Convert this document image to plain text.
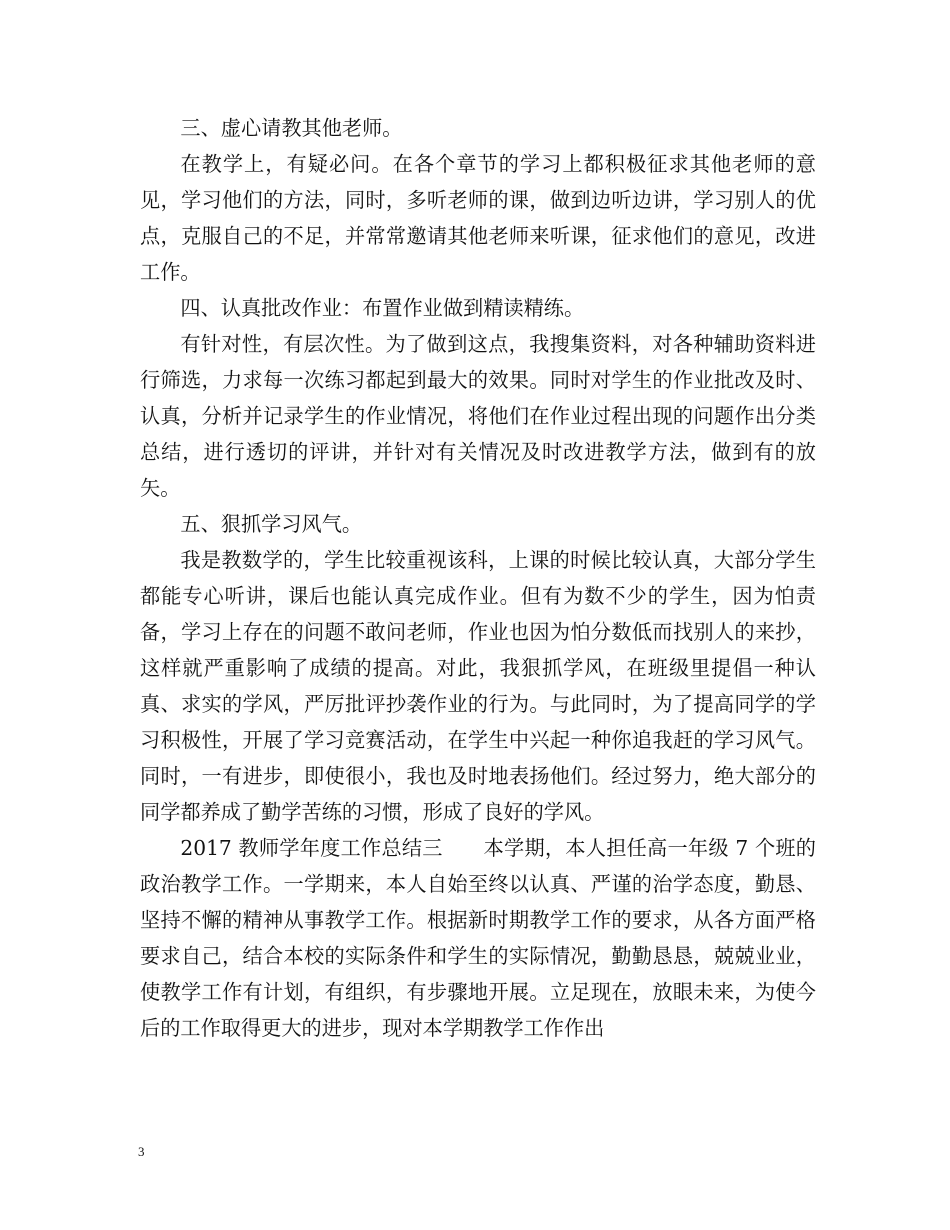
三、虚心请教其他老师。

在教学上，有疑必问。在各个章节的学习上都积极征求其他老师的意见，学习他们的方法，同时，多听老师的课，做到边听边讲，学习别人的优点，克服自己的不足，并常常邀请其他老师来听课，征求他们的意见，改进工作。

四、认真批改作业：布置作业做到精读精练。

有针对性，有层次性。为了做到这点，我搜集资料，对各种辅助资料进行筛选，力求每一次练习都起到最大的效果。同时对学生的作业批改及时、认真，分析并记录学生的作业情况，将他们在作业过程出现的问题作出分类总结，进行透切的评讲，并针对有关情况及时改进教学方法，做到有的放矢。

五、狠抓学习风气。

我是教数学的，学生比较重视该科，上课的时候比较认真，大部分学生都能专心听讲，课后也能认真完成作业。但有为数不少的学生，因为怕责备，学习上存在的问题不敢问老师，作业也因为怕分数低而找别人的来抄，这样就严重影响了成绩的提高。对此，我狠抓学风，在班级里提倡一种认真、求实的学风，严厉批评抄袭作业的行为。与此同时，为了提高同学的学习积极性，开展了学习竞赛活动，在学生中兴起一种你追我赶的学习风气。同时，一有进步，即使很小，我也及时地表扬他们。经过努力，绝大部分的同学都养成了勤学苦练的习惯，形成了良好的学风。

2017 教师学年度工作总结三　　本学期，本人担任高一年级 7 个班的政治教学工作。一学期来，本人自始至终以认真、严谨的治学态度，勤恳、坚持不懈的精神从事教学工作。根据新时期教学工作的要求，从各方面严格要求自己，结合本校的实际条件和学生的实际情况，勤勤恳恳，兢兢业业，使教学工作有计划，有组织，有步骤地开展。立足现在，放眼未来，为使今后的工作取得更大的进步，现对本学期教学工作作出

3
